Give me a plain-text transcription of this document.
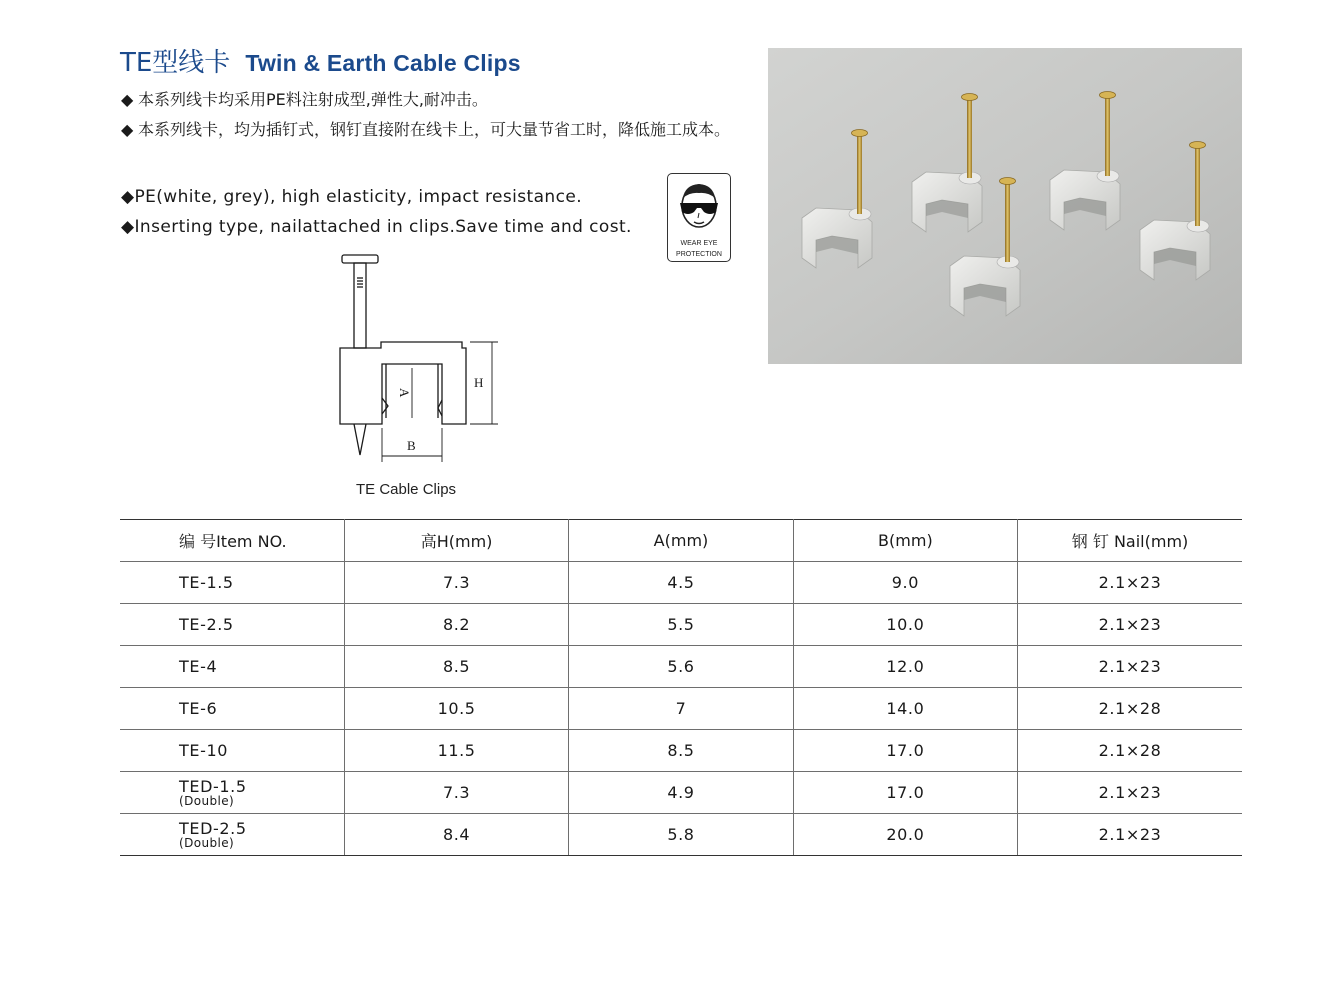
TE型线卡 Twin & Earth Cable Clips
◆ 本系列线卡均采用PE料注射成型,弹性大,耐冲击。
◆ 本系列线卡，均为插钉式，钢钉直接附在线卡上，可大量节省工时，降低施工成本。
◆PE(white, grey), high elasticity, impact resistance.
◆Inserting type, nailattached in clips.Save time and cost.
WEAR EYE
PROTECTION
H
A
B
TE Cable Clips
编 号Item NO.	高H(mm)	A(mm)	B(mm)	钢 钉 Nail(mm)

TE-1.5	7.3	4.5	9.0	2.1×23

TE-2.5	8.2	5.5	10.0	2.1×23

TE-4	8.5	5.6	12.0	2.1×23

TE-6	10.5	7	14.0	2.1×28

TE-10	11.5	8.5	17.0	2.1×28

TED-1.5
(Double)	7.3	4.9	17.0	2.1×23

TED-2.5
(Double)	8.4	5.8	20.0	2.1×23
